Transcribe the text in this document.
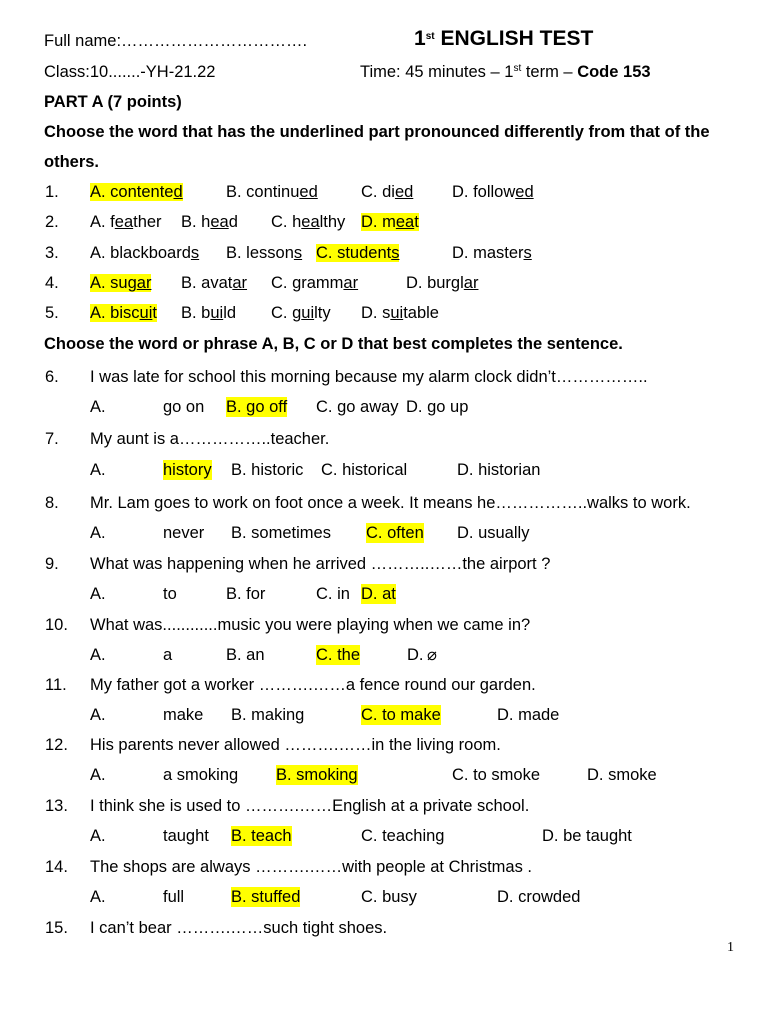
Full name:…………………………….	1st ENGLISH TEST
Class:10.......-YH-21.22	Time: 45 minutes – 1st term – Code 153
PART A (7 points)
Choose the word that has the underlined part pronounced differently from that of the
others.
1. A. contented	B. continued	C. died D. followed
2. A. feather B. head C. healthy D. meat
3. A. blackboards B. lessons C. students	D. masters
4. A. sugar B. avatar C. grammar	D. burglar
5. A. biscuit B. build C. guilty D. suitable
Choose the word or phrase A, B, C or D that best completes the sentence.
6. I was late for school this morning because my alarm clock didn’t……………..
A.	go on B. go off C. go away D. go up
7. My aunt is a……………..teacher.
A.	history B. historic C. historical	D. historian
8. Mr. Lam goes to work on foot once a week. It means he……………..walks to work.
A.	never B. sometimes C. often D. usually
9. What was happening when he arrived ………..……the airport ?
A.	to	B. for	C. in D. at
10. What was............music you were playing when we came in?
A.	a	B. an	C. the	D. ⌀
11. My father got a worker ……….……a fence round our garden.
A.	make B. making	C. to make	D. made
12. His parents never allowed ……….……in the living room.
A.	a smoking B. smoking	C. to smoke	D. smoke
13. I think she is used to ……….……English at a private school.
A.	taught B. teach	C. teaching	D. be taught
14. The shops are always ……….……with people at Christmas .
A.	full	B. stuffed	C. busy	D. crowded
15. I can’t bear ……….……such tight shoes.
1
